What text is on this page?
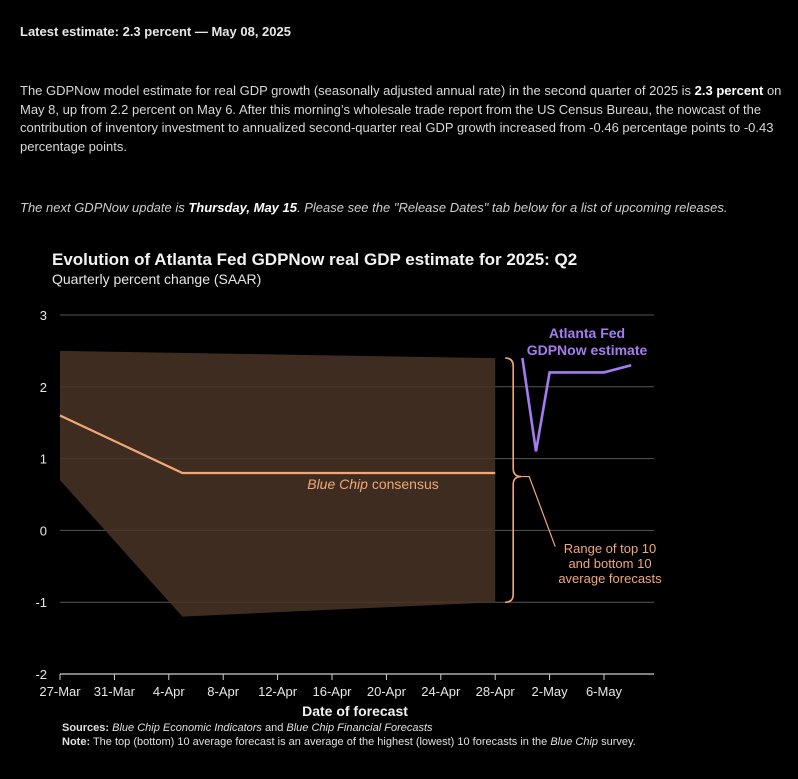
Latest estimate: 2.3 percent — May 08, 2025
The GDPNow model estimate for real GDP growth (seasonally adjusted annual rate) in the second quarter of 2025 is 2.3 percent on May 8, up from 2.2 percent on May 6. After this morning’s wholesale trade report from the US Census Bureau, the nowcast of the contribution of inventory investment to annualized second-quarter real GDP growth increased from -0.46 percentage points to -0.43 percentage points.
The next GDPNow update is Thursday, May 15. Please see the "Release Dates" tab below for a list of upcoming releases.
3
2
1
0
-1
-2
27-Mar 31-Mar 4-Apr 8-Apr 12-Apr 16-Apr 20-Apr 24-Apr 28-Apr 2-May 6-May
Evolution of Atlanta Fed GDPNow real GDP estimate for 2025: Q2
Quarterly percent change (SAAR)
Atlanta Fed
GDPNow estimate
Blue Chip consensus
Range of top 10
and bottom 10
average forecasts
Date of forecast
Sources: Blue Chip Economic Indicators and Blue Chip Financial Forecasts
Note: The top (bottom) 10 average forecast is an average of the highest (lowest) 10 forecasts in the Blue Chip survey.
